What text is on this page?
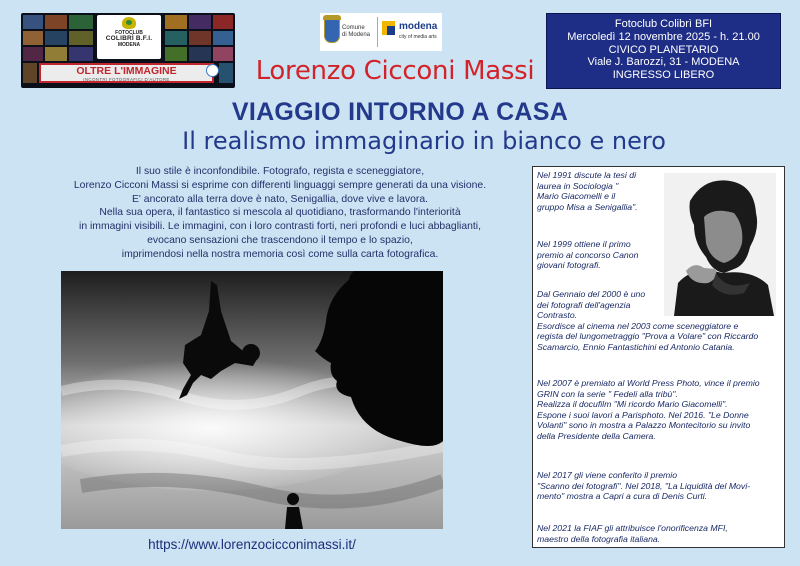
FOTOCLUB
COLIBRÌ B.F.I.
MODENA
OLTRE L'IMMAGINE
INCONTRI FOTOGRAFICI D'AUTORE
Comune
di Modena
modena
city of media arts
Fotoclub Colibrì BFI
Mercoledì 12 novembre 2025 - h. 21.00
CIVICO PLANETARIO
Viale J. Barozzi, 31 - MODENA
INGRESSO LIBERO
Lorenzo Cicconi Massi
VIAGGIO INTORNO A CASA
Il realismo immaginario in bianco e nero
Il suo stile è inconfondibile. Fotografo, regista e sceneggiatore,
Lorenzo Cicconi Massi si esprime con differenti linguaggi sempre generati da una visione.
E' ancorato alla terra dove è nato, Senigallia, dove vive e lavora.
Nella sua opera, il fantastico si mescola al quotidiano, trasformando l'interiorità
in immagini visibili. Le immagini, con i loro contrasti forti, neri profondi e luci abbaglianti,
evocano sensazioni che trascendono il tempo e lo spazio,
imprimendosi nella nostra memoria così come sulla carta fotografica.
https://www.lorenzocicconimassi.it/
Nel 1991 discute la tesi di
laurea in Sociologia "
Mario Giacomelli e il
gruppo Misa a Senigallia".
Nel 1999 ottiene il primo
premio al concorso Canon
giovani fotografi.
Dal Gennaio del 2000 è uno
dei fotografi dell'agenzia
Contrasto.
Esordisce al cinema nel 2003 come sceneggiatore e
regista del lungometraggio "Prova a Volare" con Riccardo
Scamarcio, Ennio Fantastichini ed Antonio Catania.
Nel 2007 è premiato al World Press Photo, vince il premio
GRIN con la serie " Fedeli alla tribù".
Realizza il docufilm "Mi ricordo Mario Giacomelli".
Espone i suoi lavori a Parisphoto. Nel 2016. "Le Donne
Volanti" sono in mostra a Palazzo Montecitorio su invito
della Presidente della Camera.
Nel 2017 gli viene conferito il premio
"Scanno dei fotografi". Nel 2018, "La Liquidità del Movi-
mento" mostra a Capri a cura di Denis Curti.
Nel 2021 la FIAF gli attribuisce l'onorificenza MFI,
maestro della fotografia italiana.
